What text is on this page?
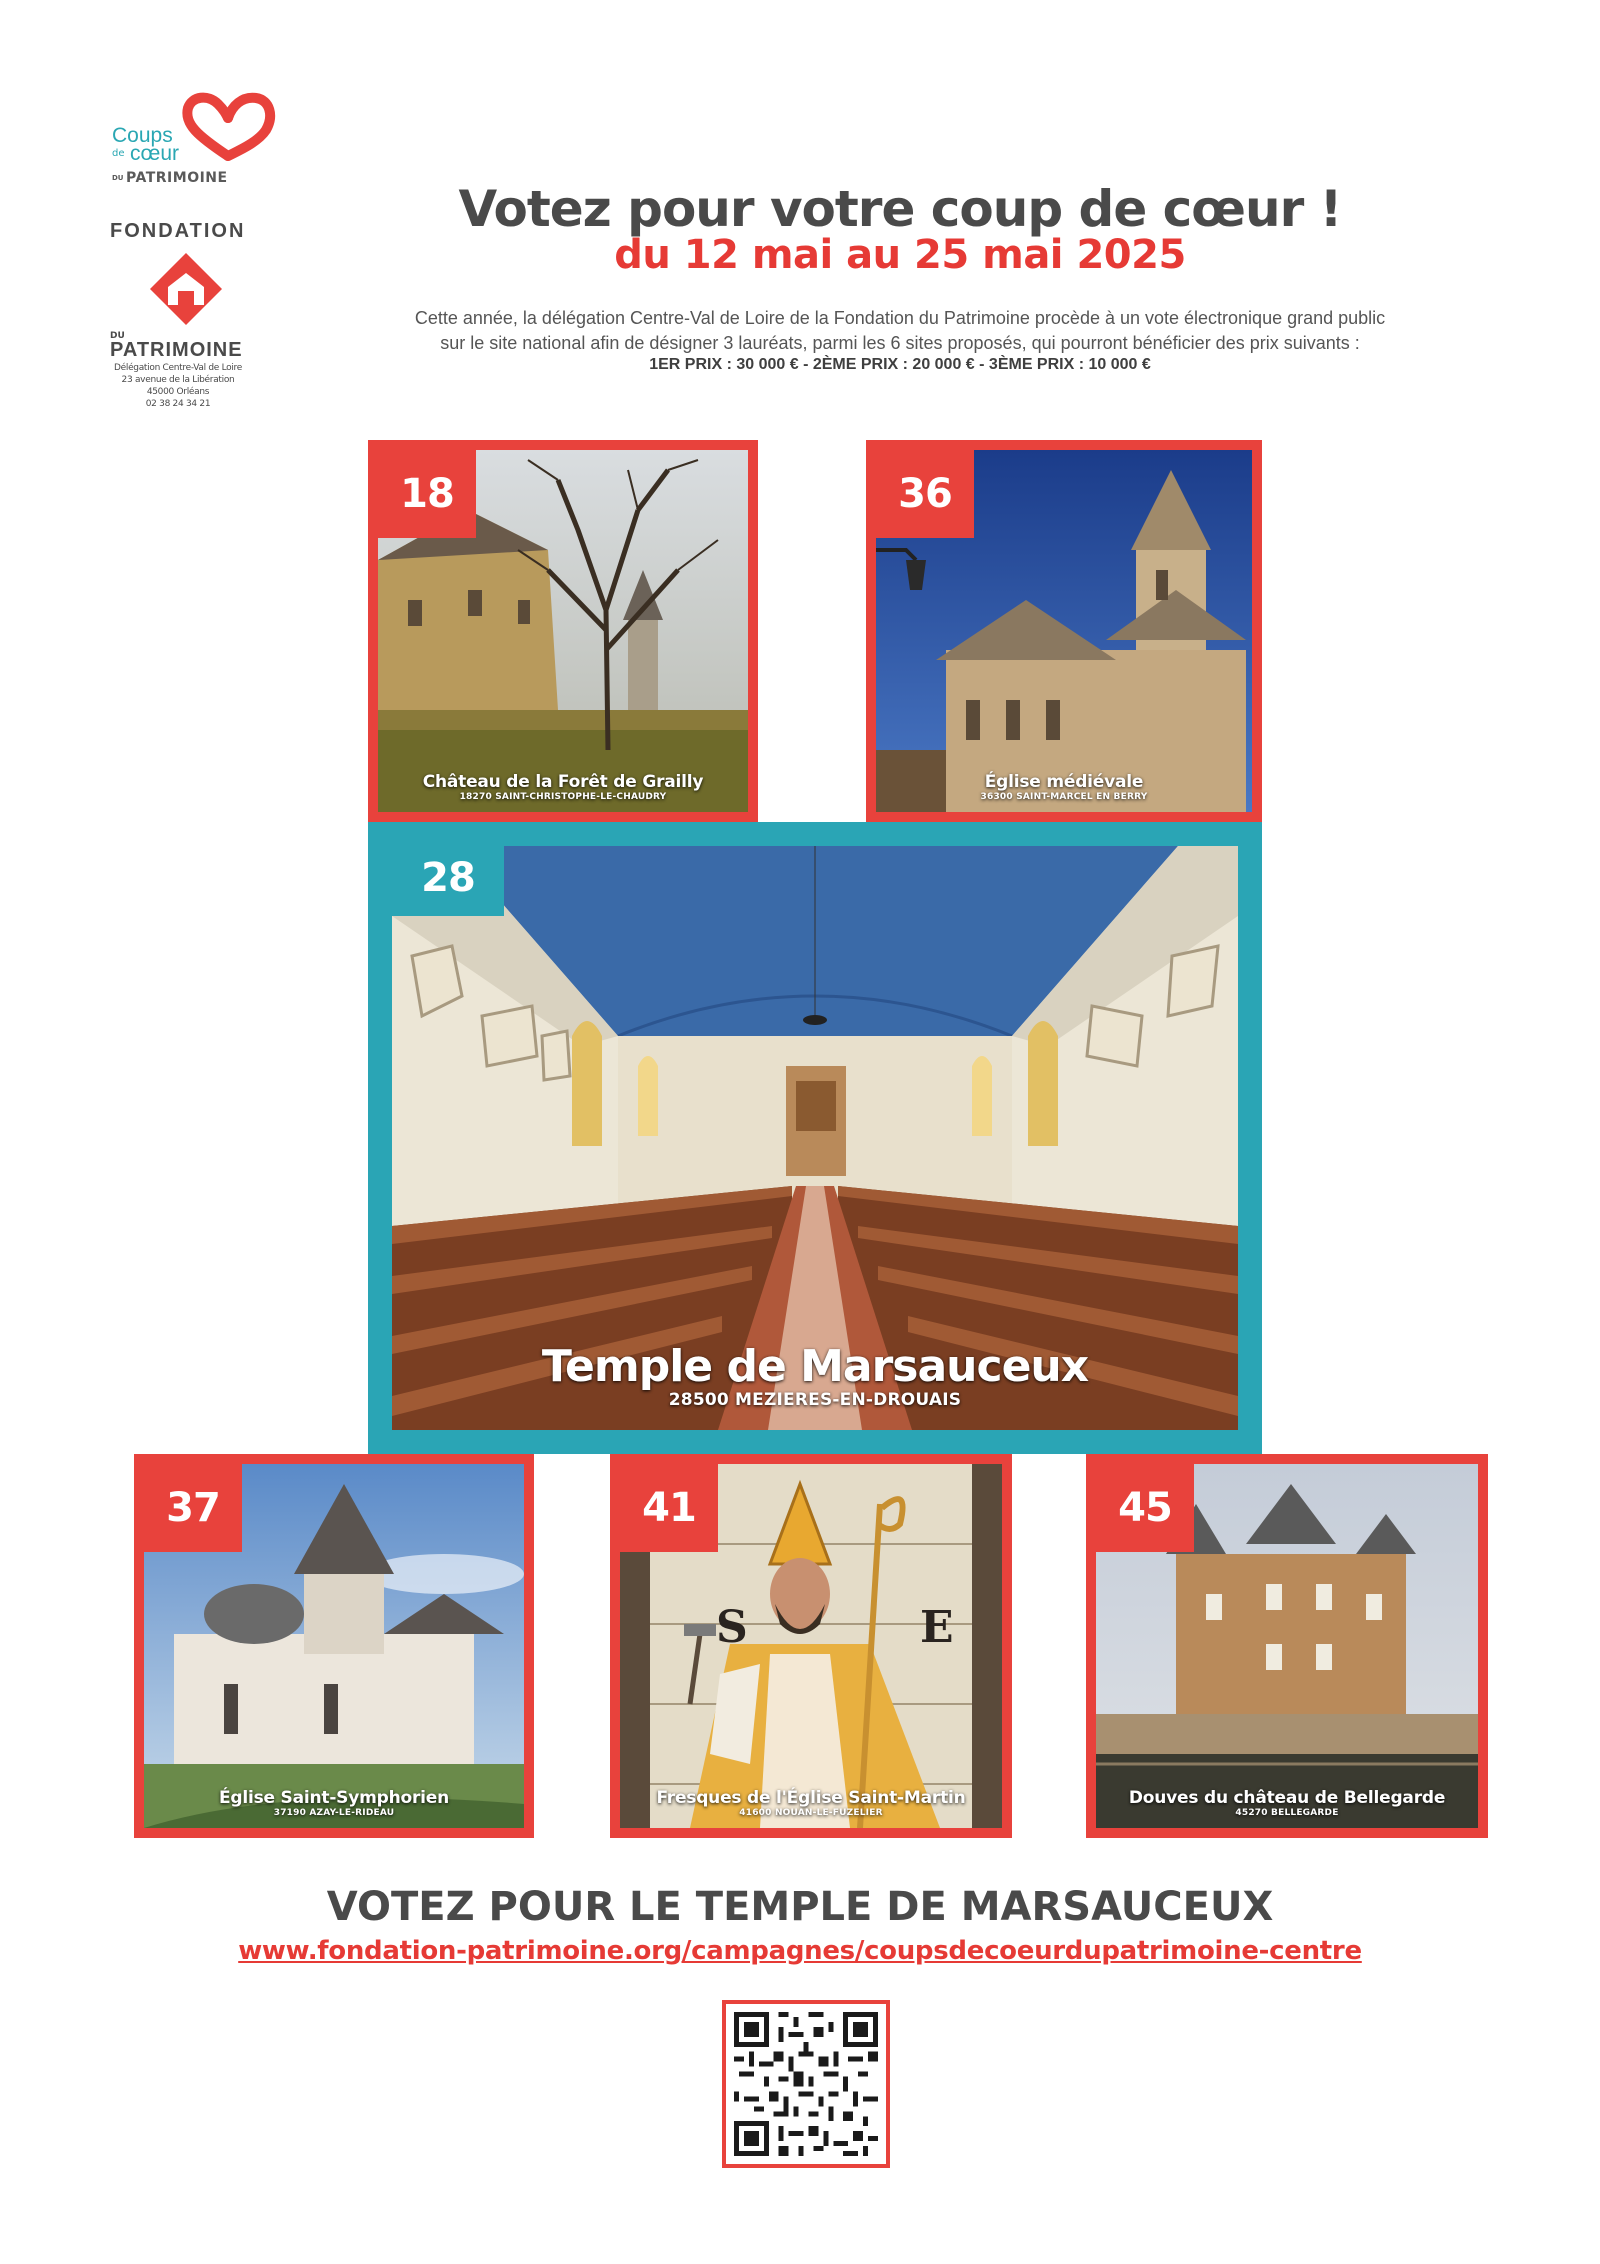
Coups
de cœur
DU PATRIMOINE
FONDATION
DU
PATRIMOINE
Délégation Centre-Val de Loire
23 avenue de la Libération
45000 Orléans
02 38 24 34 21
Votez pour votre coup de cœur !
du 12 mai au 25 mai 2025
Cette année, la délégation Centre-Val de Loire de la Fondation du Patrimoine procède à un vote électronique grand public
sur le site national afin de désigner 3 lauréats, parmi les 6 sites proposés, qui pourront bénéficier des prix suivants :
1ER PRIX : 30 000 € - 2ÈME PRIX : 20 000 € - 3ÈME PRIX : 10 000 €
18
Château de la Forêt de Grailly
18270 SAINT-CHRISTOPHE-LE-CHAUDRY
36
Église médiévale
36300 SAINT-MARCEL EN BERRY
28
Temple de Marsauceux
28500 MEZIERES-EN-DROUAIS
37
Église Saint-Symphorien
37190 AZAY-LE-RIDEAU
S	E
41
Fresques de l'Église Saint-Martin
41600 NOUAN-LE-FUZELIER
45
Douves du château de Bellegarde
45270 BELLEGARDE
VOTEZ POUR LE TEMPLE DE MARSAUCEUX
www.fondation-patrimoine.org/campagnes/coupsdecoeurdupatrimoine-centre
